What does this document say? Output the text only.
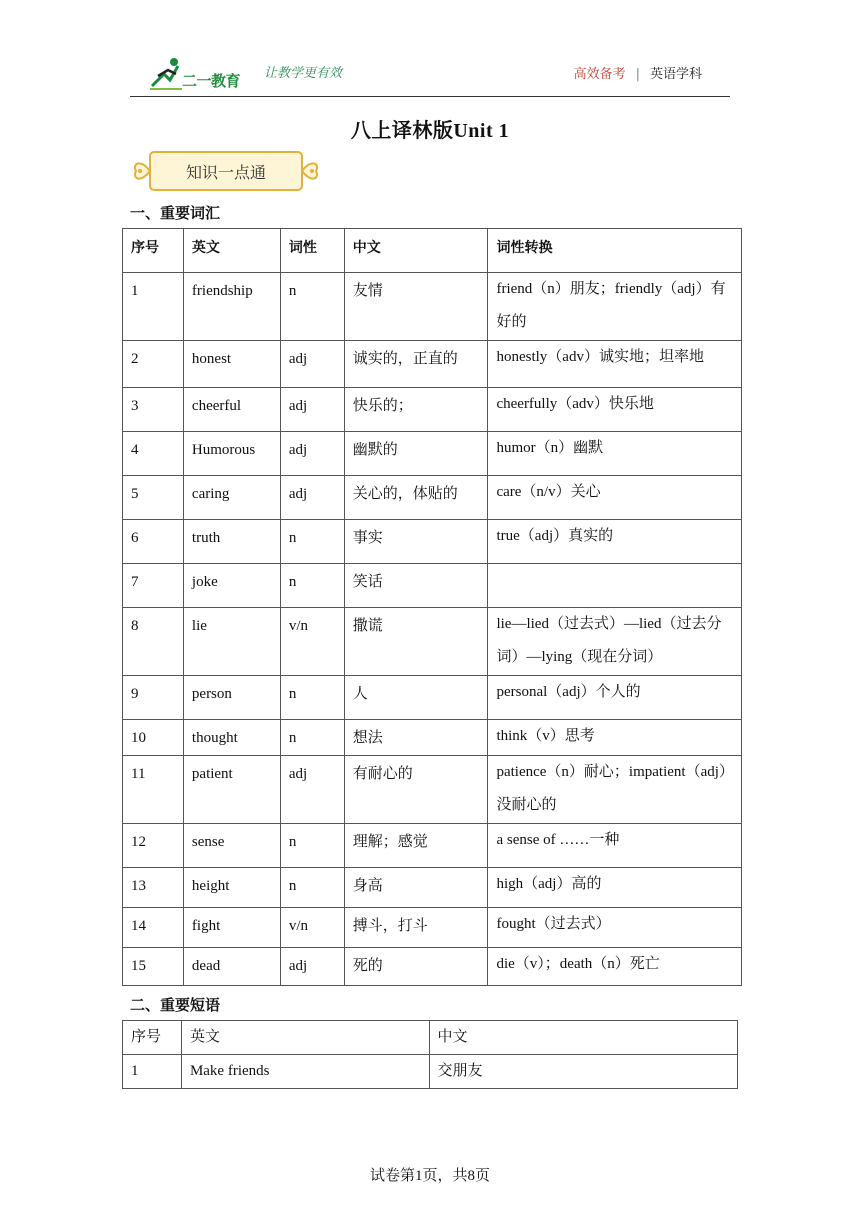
二一教育 让教学更有效	高效备考 | 英语学科
八上译林版Unit 1
知识一点通
一、重要词汇
序号	英文	词性	中文	词性转换
1	friendship	n	友情	friend（n）朋友；friendly（adj）有好的
2	honest	adj	诚实的，正直的	honestly（adv）诚实地；坦率地
3	cheerful	adj	快乐的；	cheerfully（adv）快乐地
4	Humorous	adj	幽默的	humor（n）幽默
5	caring	adj	关心的，体贴的	care（n/v）关心
6	truth	n	事实	true（adj）真实的
7	joke	n	笑话	
8	lie	v/n	撒谎	lie—lied（过去式）—lied（过去分词）—lying（现在分词）
9	person	n	人	personal（adj）个人的
10	thought	n	想法	think（v）思考
11	patient	adj	有耐心的	patience（n）耐心；impatient（adj）没耐心的
12	sense	n	理解；感觉	a sense of ……一种
13	height	n	身高	high（adj）高的
14	fight	v/n	搏斗，打斗	fought（过去式）
15	dead	adj	死的	die（v）；death（n）死亡
二、重要短语
序号	英文	中文
1	Make friends	交朋友
试卷第1页，共8页
